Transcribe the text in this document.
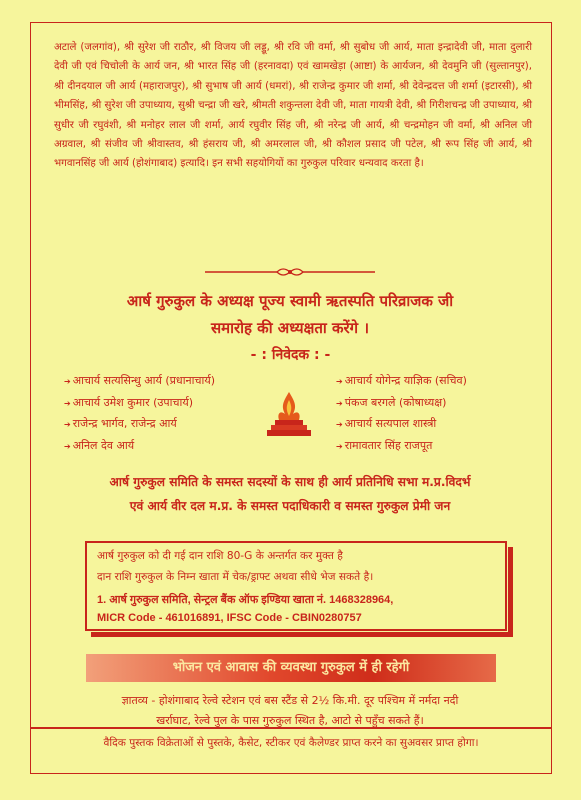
अटाले (जलगांव), श्री सुरेश जी राठौर, श्री विजय जी लड्डू, श्री रवि जी वर्मा, श्री सुबोध जी आर्य, माता इन्द्रादेवी जी, माता दुलारी देवी जी एवं चिचोली के आर्य जन, श्री भारत सिंह जी (हरनावदा) एवं खामखेड़ा (आष्टा) के आर्यजन, श्री देवमुनि जी (सुल्तानपुर), श्री दीनदयाल जी आर्य (महाराजपुर), श्री सुभाष जी आर्य (धमरां), श्री राजेन्द्र कुमार जी शर्मा, श्री देवेन्द्रदत्त जी शर्मा (इटारसी), श्री भीमसिंह, श्री सुरेश जी उपाध्याय, सुश्री चन्द्रा जी खरे, श्रीमती शकुन्तला देवी जी, माता गायत्री देवी, श्री गिरीशचन्द्र जी उपाध्याय, श्री सुधीर जी रघुवंशी, श्री मनोहर लाल जी शर्मा, आर्य रघुवीर सिंह जी, श्री नरेन्द्र जी आर्य, श्री चन्द्रमोहन जी वर्मा, श्री अनिल जी अग्रवाल, श्री संजीव जी श्रीवास्तव, श्री हंसराय जी, श्री अमरलाल जी, श्री कौशल प्रसाद जी पटेल, श्री रूप सिंह जी आर्य, श्री भगवानसिंह जी आर्य (होशंगाबाद) इत्यादि। इन सभी सहयोगियों का गुरुकुल परिवार धन्यवाद करता है।
आर्ष गुरुकुल के अध्यक्ष पूज्य स्वामी ऋतस्पति परिव्राजक जी
समारोह की अध्यक्षता करेंगे ।
- : निवेदक : -
➔ आचार्य सत्यसिन्धु आर्य (प्रधानाचार्य)
➔ आचार्य उमेश कुमार (उपाचार्य)
➔ राजेन्द्र भार्गव, राजेन्द्र आर्य
➔ अनिल देव आर्य
➔ आचार्य योगेन्द्र याज्ञिक (सचिव)
➔ पंकज बरगले (कोषाध्यक्ष)
➔ आचार्य सत्यपाल शास्त्री
➔ रामावतार सिंह राजपूत
आर्ष गुरुकुल समिति के समस्त सदस्यों के साथ ही आर्य प्रतिनिधि सभा म.प्र.विदर्भ
एवं आर्य वीर दल म.प्र. के समस्त पदाधिकारी व समस्त गुरुकुल प्रेमी जन
आर्ष गुरुकुल को दी गई दान राशि 80-G के अन्तर्गत कर मुक्त है
दान राशि गुरुकुल के निम्न खाता में चेक/ड्राफ्ट अथवा सीधे भेज सकते है।
1. आर्ष गुरुकुल समिति, सेन्ट्रल बैंक ऑफ इण्डिया खाता नं. 1468328964,
MICR Code - 461016891, IFSC Code - CBIN0280757
भोजन एवं आवास की व्यवस्था गुरुकुल में ही रहेगी
ज्ञातव्य - होशंगाबाद रेल्वे स्टेशन एवं बस स्टैंड से 2½ कि.मी. दूर पश्चिम में नर्मदा नदी
खर्राघाट, रेल्वे पुल के पास गुरुकुल स्थित है, आटो से पहुँच सकते हैं।
वैदिक पुस्तक विक्रेताओं से पुस्तके, कैसेट, स्टीकर एवं कैलेण्डर प्राप्त करने का सुअवसर प्राप्त होगा।
